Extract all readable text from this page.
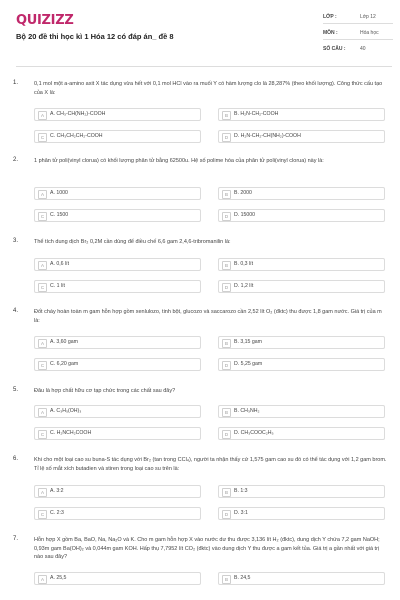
QUIZIZZ
Bộ 20 đề thi học kì 1 Hóa 12 có đáp án_ đề 8
LỚP :	Lớp 12
MÔN :	Hóa học
SỐ CÂU :	40
1.	0,1 mol một a-amino axit X tác dụng vừa hết với 0,1 mol HCl vào ra muối Y có hàm lượng clo là 28,287% (theo khối lượng). Công thức cấu tạo của X là:
A	A. CH₃-CH(NH₂)-COOH	B	B. H₂N-CH₂-COOH
C	C. CH₃CH₂CH₂-COOH	D	D. H₂N-CH₂-CH(NH₂)-COOH
2.	1 phân tử poli(vinyl clorua) có khối lượng phân tử bằng 62500u. Hệ số polime hóa của phân tử poli(vinyl clorua) này là:
A	A. 1000	B	B. 2000
C	C. 1500	D	D. 15000
3.	Thể tích dung dịch Br₂ 0,2M cần dùng để điều chế 6,6 gam 2,4,6-tribromanilin là:
A	A. 0,6 lít	B	B. 0,3 lít
C	C. 1 lít	D	D. 1,2 lít
4.	Đốt cháy hoàn toàn m gam hỗn hợp gồm xenlulozo, tinh bột, glucozo và saccarozo cần 2,52 lít O₂ (đktc) thu được 1,8 gam nước. Giá trị của m là:
A	A. 3,60 gam	B	B. 3,15 gam
C	C. 6,20 gam	D	D. 5,25 gam
5.	Đâu là hợp chất hữu cơ tạp chức trong các chất sau đây?
A	A. C₃H₅(OH)₃	B	B. CH₃NH₂
C	C. H₂NCH₂COOH	D	D. CH₃COOC₂H₅
6.	Khi cho một loại cao su buna-S tác dụng với Br₂ (tan trong CCl₄), người ta nhận thấy cứ 1,575 gam cao su đó có thể tác dụng với 1,2 gam brom. Tỉ lệ số mắt xích butadien và stiren trong loại cao su trên là:
A	A. 3:2	B	B. 1:3
C	C. 2:3	D	D. 3:1
7.	Hỗn hợp X gồm Ba, BaO, Na, Na₂O và K. Cho m gam hỗn hợp X vào nước dư thu được 3,136 lít H₂ (đktc), dung dịch Y chứa 7,2 gam NaOH; 0,93m gam Ba(OH)₂ và 0,044m gam KOH. Hấp thụ 7,7952 lít CO₂ (đktc) vào dung dịch Y thu được a gam kết tủa. Giá trị a gần nhất với giá trị nào sau đây?
A	A. 25,5	B	B. 24,5
